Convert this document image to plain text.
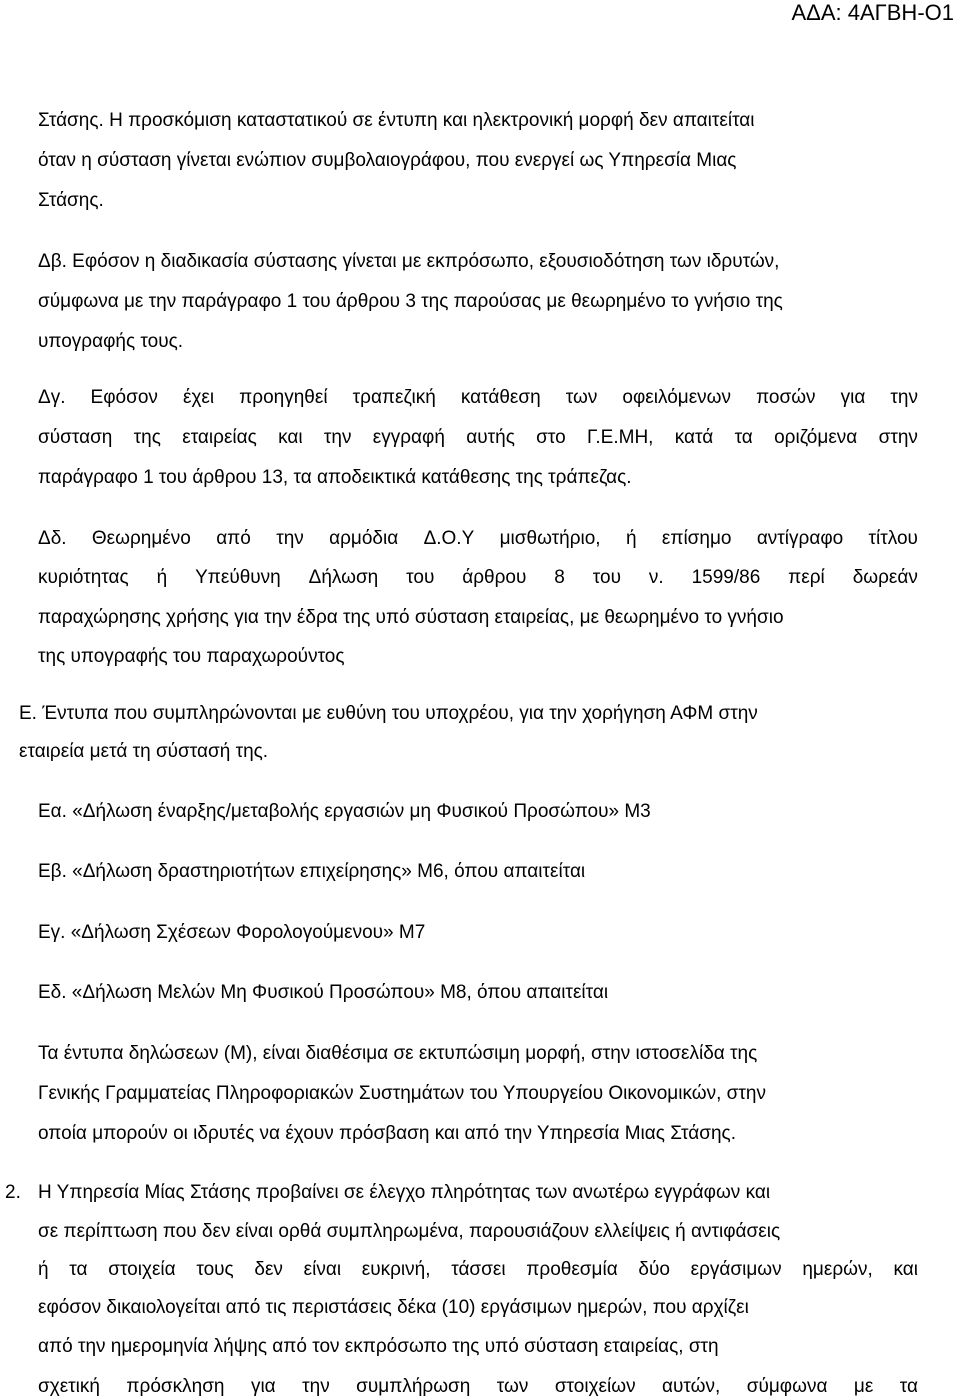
ΑΔΑ: 4ΑΓΒΗ-Ο1
Στάσης. Η προσκόμιση καταστατικού σε έντυπη και ηλεκτρονική μορφή δεν απαιτείται
όταν η σύσταση γίνεται ενώπιον συμβολαιογράφου, που ενεργεί ως Υπηρεσία Μιας
Στάσης.
Δβ. Εφόσον η διαδικασία σύστασης γίνεται με εκπρόσωπο, εξουσιοδότηση των ιδρυτών,
σύμφωνα με την παράγραφο 1 του άρθρου 3 της παρούσας με θεωρημένο το γνήσιο της
υπογραφής τους.
Δγ. Εφόσον έχει προηγηθεί τραπεζική κατάθεση των οφειλόμενων ποσών για την
σύσταση της εταιρείας και την εγγραφή αυτής στο Γ.Ε.ΜΗ, κατά τα οριζόμενα στην
παράγραφο 1 του άρθρου 13, τα αποδεικτικά κατάθεσης της τράπεζας.
Δδ. Θεωρημένο από την αρμόδια Δ.Ο.Υ μισθωτήριο, ή επίσημο αντίγραφο τίτλου
κυριότητας ή Υπεύθυνη Δήλωση του άρθρου 8 του ν. 1599/86 περί δωρεάν
παραχώρησης χρήσης για την έδρα της υπό σύσταση εταιρείας, με θεωρημένο το γνήσιο
της υπογραφής του παραχωρούντος
Ε. Έντυπα που συμπληρώνονται με ευθύνη του υποχρέου, για την χορήγηση ΑΦΜ στην
εταιρεία μετά τη σύστασή της.
Εα. «Δήλωση έναρξης/μεταβολής εργασιών μη Φυσικού Προσώπου» Μ3
Εβ. «Δήλωση δραστηριοτήτων επιχείρησης» Μ6, όπου απαιτείται
Εγ. «Δήλωση Σχέσεων Φορολογούμενου» Μ7
Εδ. «Δήλωση Μελών Μη Φυσικού Προσώπου» Μ8, όπου απαιτείται
Τα έντυπα δηλώσεων (Μ), είναι διαθέσιμα σε εκτυπώσιμη μορφή, στην ιστοσελίδα της
Γενικής Γραμματείας Πληροφοριακών Συστημάτων του Υπουργείου Οικονομικών, στην
οποία μπορούν οι ιδρυτές να έχουν πρόσβαση και από την Υπηρεσία Μιας Στάσης.
2. Η Υπηρεσία Μίας Στάσης προβαίνει σε έλεγχο πληρότητας των ανωτέρω εγγράφων και
σε περίπτωση που δεν είναι ορθά συμπληρωμένα, παρουσιάζουν ελλείψεις ή αντιφάσεις
ή τα στοιχεία τους δεν είναι ευκρινή, τάσσει προθεσμία δύο εργάσιμων ημερών, και
εφόσον δικαιολογείται από τις περιστάσεις δέκα (10) εργάσιμων ημερών, που αρχίζει
από την ημερομηνία λήψης από τον εκπρόσωπο της υπό σύσταση εταιρείας, στη
σχετική πρόσκληση για την συμπλήρωση των στοιχείων αυτών, σύμφωνα με τα
